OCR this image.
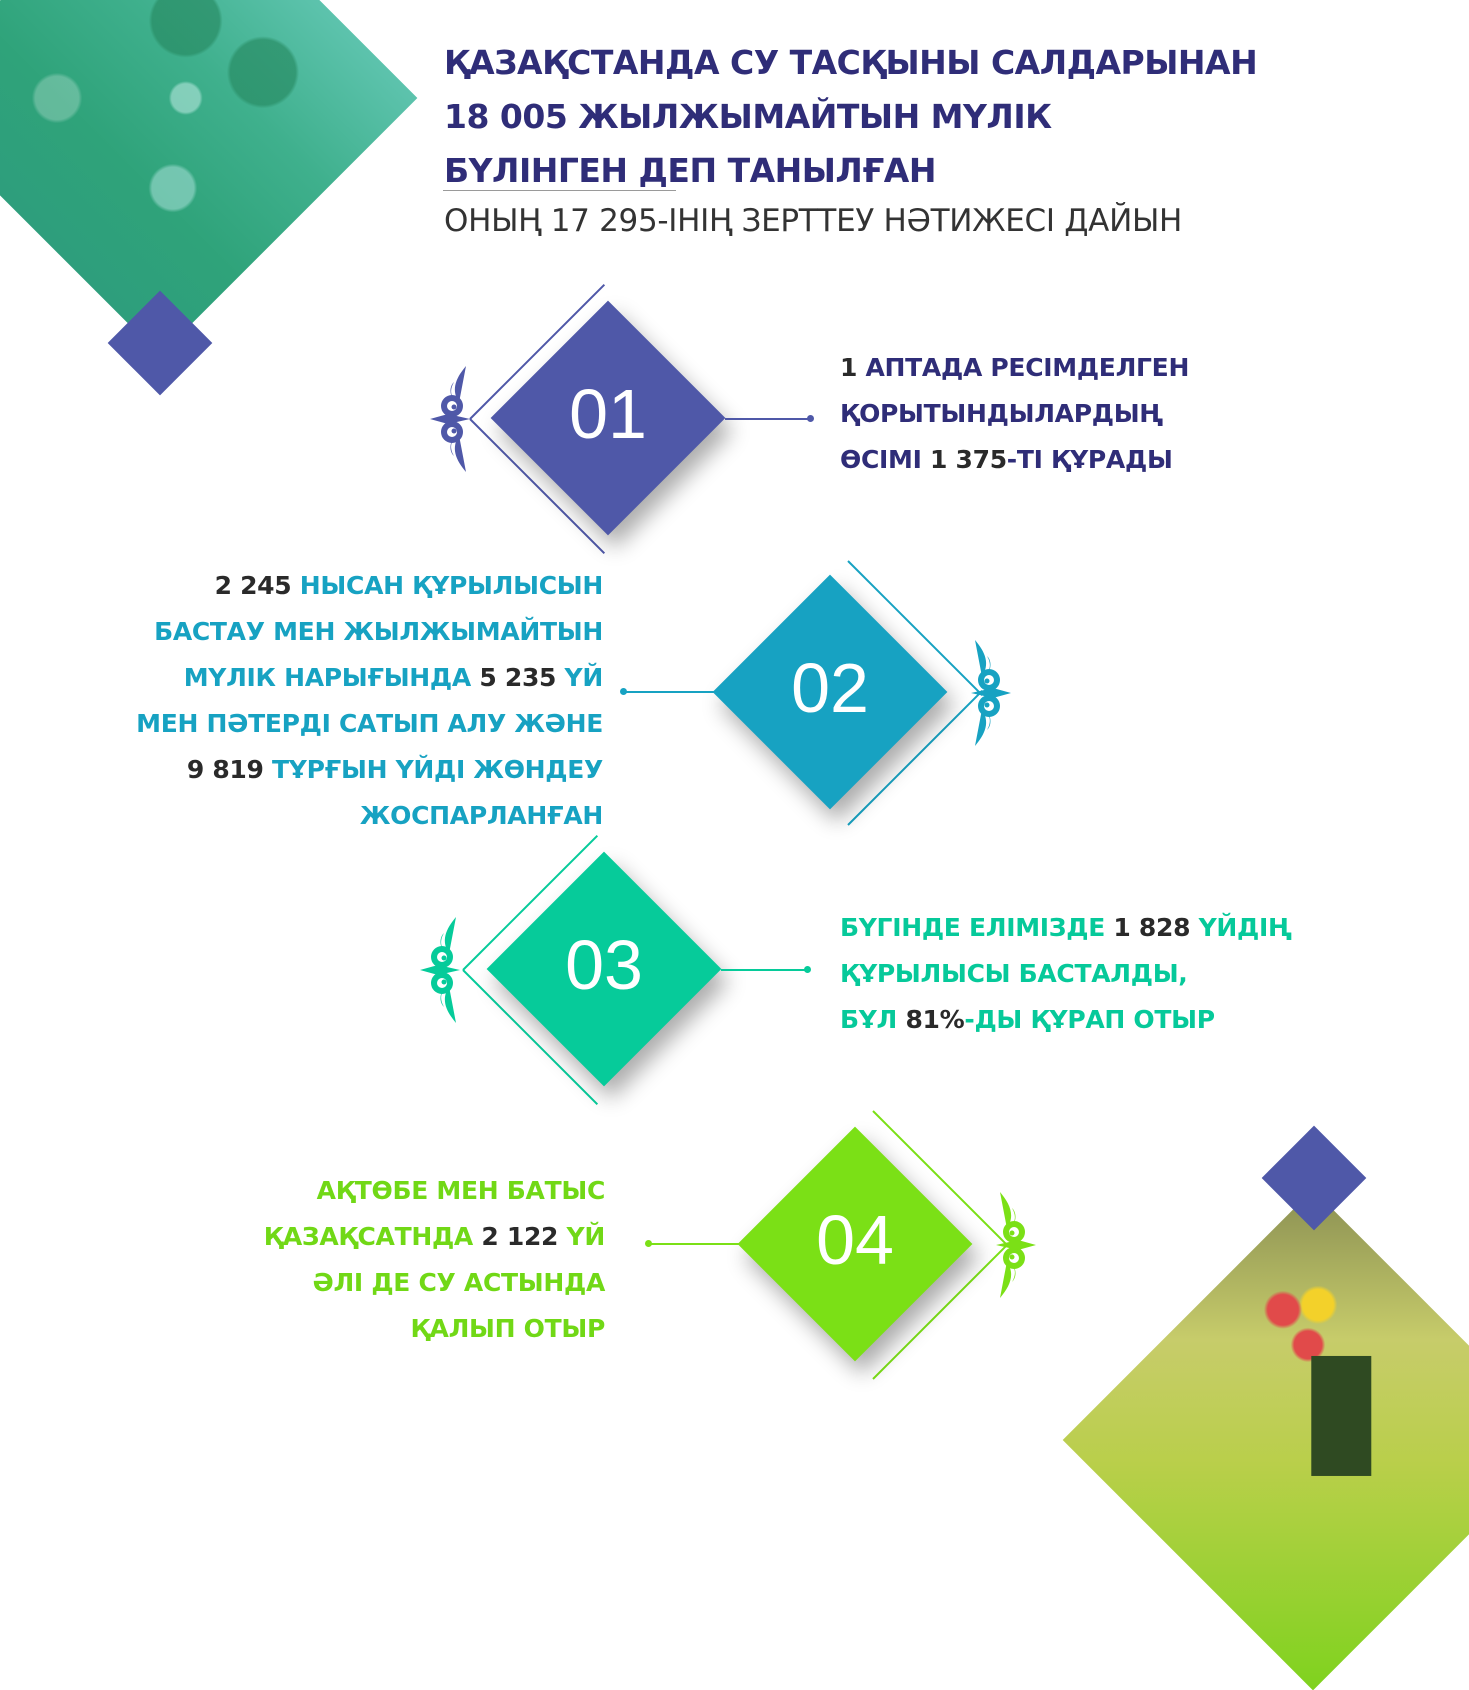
ҚАЗАҚСТАНДА СУ ТАСҚЫНЫ САЛДАРЫНАН
18 005 ЖЫЛЖЫМАЙТЫН МҮЛІК
БҮЛІНГЕН ДЕП ТАНЫЛҒАН
ОНЫҢ 17 295-ІНІҢ ЗЕРТТЕУ НӘТИЖЕСІ ДАЙЫН
01
1 АПТАДА РЕСІМДЕЛГЕН
ҚОРЫТЫНДЫЛАРДЫҢ
ӨСІМІ 1 375-ТІ ҚҰРАДЫ
02
2 245 НЫСАН ҚҰРЫЛЫСЫН
БАСТАУ МЕН ЖЫЛЖЫМАЙТЫН
МҮЛІК НАРЫҒЫНДА 5 235 ҮЙ
МЕН ПӘТЕРДІ САТЫП АЛУ ЖӘНЕ
9 819 ТҰРҒЫН ҮЙДІ ЖӨНДЕУ
ЖОСПАРЛАНҒАН
03	БҮГІНДЕ ЕЛІМІЗДЕ 1 828 ҮЙДІҢ
ҚҰРЫЛЫСЫ БАСТАЛДЫ,
БҰЛ 81%-ДЫ ҚҰРАП ОТЫР
04
АҚТӨБЕ МЕН БАТЫС
ҚАЗАҚСАТНДА 2 122 ҮЙ
ӘЛІ ДЕ СУ АСТЫНДА
ҚАЛЫП ОТЫР
